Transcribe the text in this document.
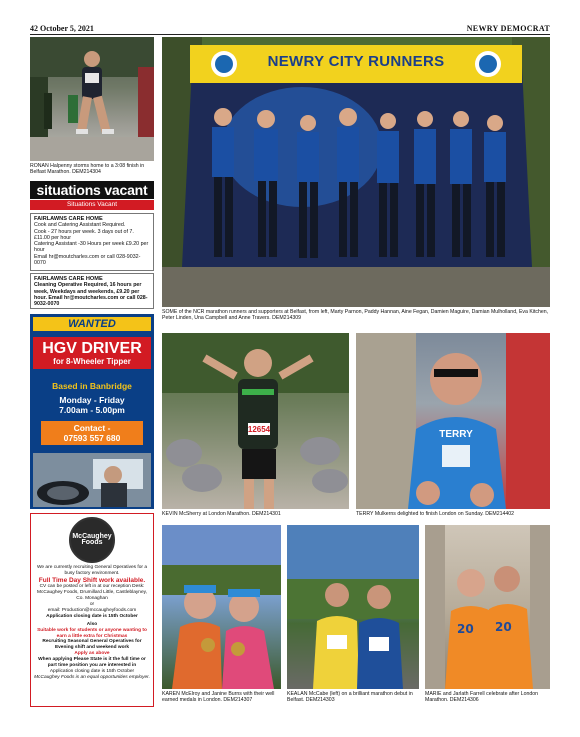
42 October 5, 2021	NEWRY DEMOCRAT
RONAN Halpenny storms home to a 3:08 finish in Belfast Marathon. DEM214304
situations vacant
Situations Vacant
FAIRLAWNS CARE HOME
Cook and Catering Assistant Required.
Cook - 27 hours per week. 3 days out of 7. £11.00 per hour
Catering Assistant -30 Hours per week £9.20 per hour
Email hr@moutcharles.com or call 028-9032-0070
FAIRLAWNS CARE HOME
Cleaning Operative Required, 16 hours per week, Weekdays and weekends, £9.20 per hour. Email hr@moutcharles.com or call 028-9032-0070
WANTED
HGV DRIVER
for 8-Wheeler Tipper
Based in Banbridge
Monday - Friday
7.00am - 5.00pm
Contact -
07593 557 680
McCaughey
Foods
We are currently recruiting General Operatives for a busy factory environment.
Full Time Day Shift work available.
CV can be posted or left in at our reception Desk: McCaughey Foods, Drumillard Little, Castleblayney, Co. Monaghan
or
email: Production@mccaugheyfoods.com
Application closing date is 15th October
Also
Suitable work for students or anyone wanting to earn a little extra for Christmas
Recruiting Seasonal General Operatives for Evening shift and weekend work
Apply as above
When applying Please State is it the full time or part time position you are interested in
Application closing date is 15th October
McCaughey Foods is an equal opportunities employer.
NEWRY CITY RUNNERS
SOME of the NCR marathon runners and supporters at Belfast, from left, Marty Parnon, Paddy Hannan, Aine Fegan, Damien Maguire, Damian Mulholland, Eva Kitchen, Peter Linden, Una Campbell and Anne Travers. DEM214309
12654
KEVIN McSherry at London Marathon. DEM214301
TERRY
TERRY Mulkerns delighted to finish London on Sunday. DEM214402
KAREN McElroy and Janine Burns with their well earned medals in London. DEM214307
KEALAN McCabe (left) on a brilliant marathon debut in Belfast. DEM214303
20 20
MARIE and Jarlath Farrell celebrate after London Marathon. DEM214306
